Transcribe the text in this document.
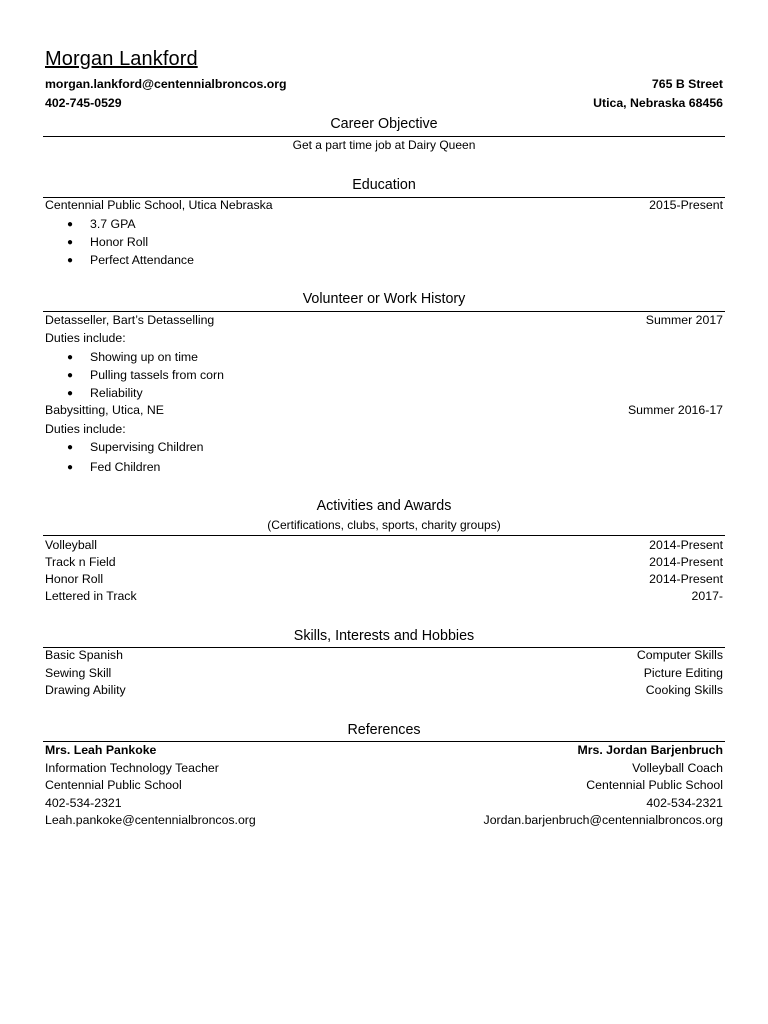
Morgan Lankford
morgan.lankford@centennialbroncos.org	765 B Street
402-745-0529	Utica, Nebraska 68456
Career Objective
Get a part time job at Dairy Queen
Education
Centennial Public School, Utica Nebraska	2015-Present
● 3.7 GPA
● Honor Roll
● Perfect Attendance
Volunteer or Work History
Detasseller, Bart’s Detasselling	Summer 2017
Duties include:
● Showing up on time
● Pulling tassels from corn
● Reliability
Babysitting, Utica, NE	Summer 2016-17
Duties include:
● Supervising Children
● Fed Children
Activities and Awards
(Certifications, clubs, sports, charity groups)
Volleyball	2014-Present
Track n Field	2014-Present
Honor Roll	2014-Present
Lettered in Track	2017-
Skills, Interests and Hobbies
Basic Spanish	Computer Skills
Sewing Skill	Picture Editing
Drawing Ability	Cooking Skills
References
Mrs. Leah Pankoke	Mrs. Jordan Barjenbruch
Information Technology Teacher	Volleyball Coach
Centennial Public School	Centennial Public School
402-534-2321	402-534-2321
Leah.pankoke@centennialbroncos.org	Jordan.barjenbruch@centennialbroncos.org
